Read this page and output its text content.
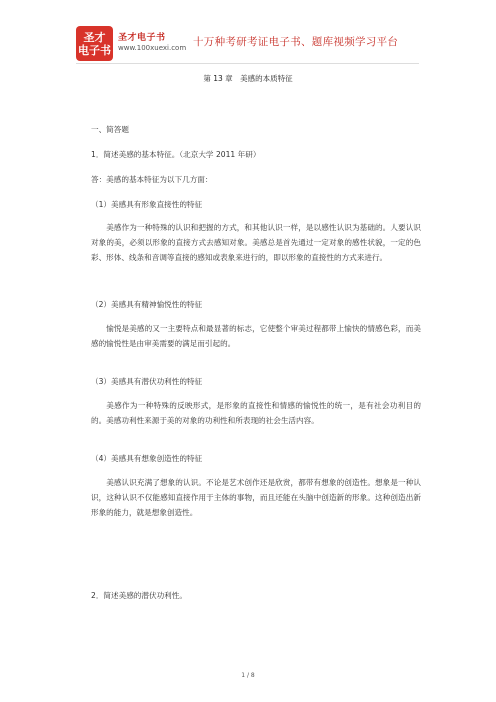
圣才
电子书
圣才电子书
www.100xuexi.com 十万种考研考证电子书、题库视频学习平台
第 13 章　美感的本质特征
一、简答题
1．简述美感的基本特征。（北京大学 2011 年研）
答：美感的基本特征为以下几方面：
（1）美感具有形象直接性的特征
美感作为一种特殊的认识和把握的方式，和其他认识一样，是以感性认识为基础的。人要认识对象的美，必须以形象的直接方式去感知对象。美感总是首先通过一定对象的感性状貌，一定的色彩、形体、线条和音调等直接的感知或表象来进行的，即以形象的直接性的方式来进行。
（2）美感具有精神愉悦性的特征
愉悦是美感的又一主要特点和最显著的标志，它使整个审美过程都带上愉快的情感色彩，而美感的愉悦性是由审美需要的满足而引起的。
（3）美感具有潜伏功利性的特征
美感作为一种特殊的反映形式，是形象的直接性和情感的愉悦性的统一，是有社会功利目的的。美感功利性来源于美的对象的功利性和所表现的社会生活内容。
（4）美感具有想象创造性的特征
美感认识充满了想象的认识。不论是艺术创作还是欣赏，都带有想象的创造性。想象是一种认识，这种认识不仅能感知直接作用于主体的事物，而且还能在头脑中创造新的形象。这种创造出新形象的能力，就是想象创造性。
2．简述美感的潜伏功利性。
1 / 8
